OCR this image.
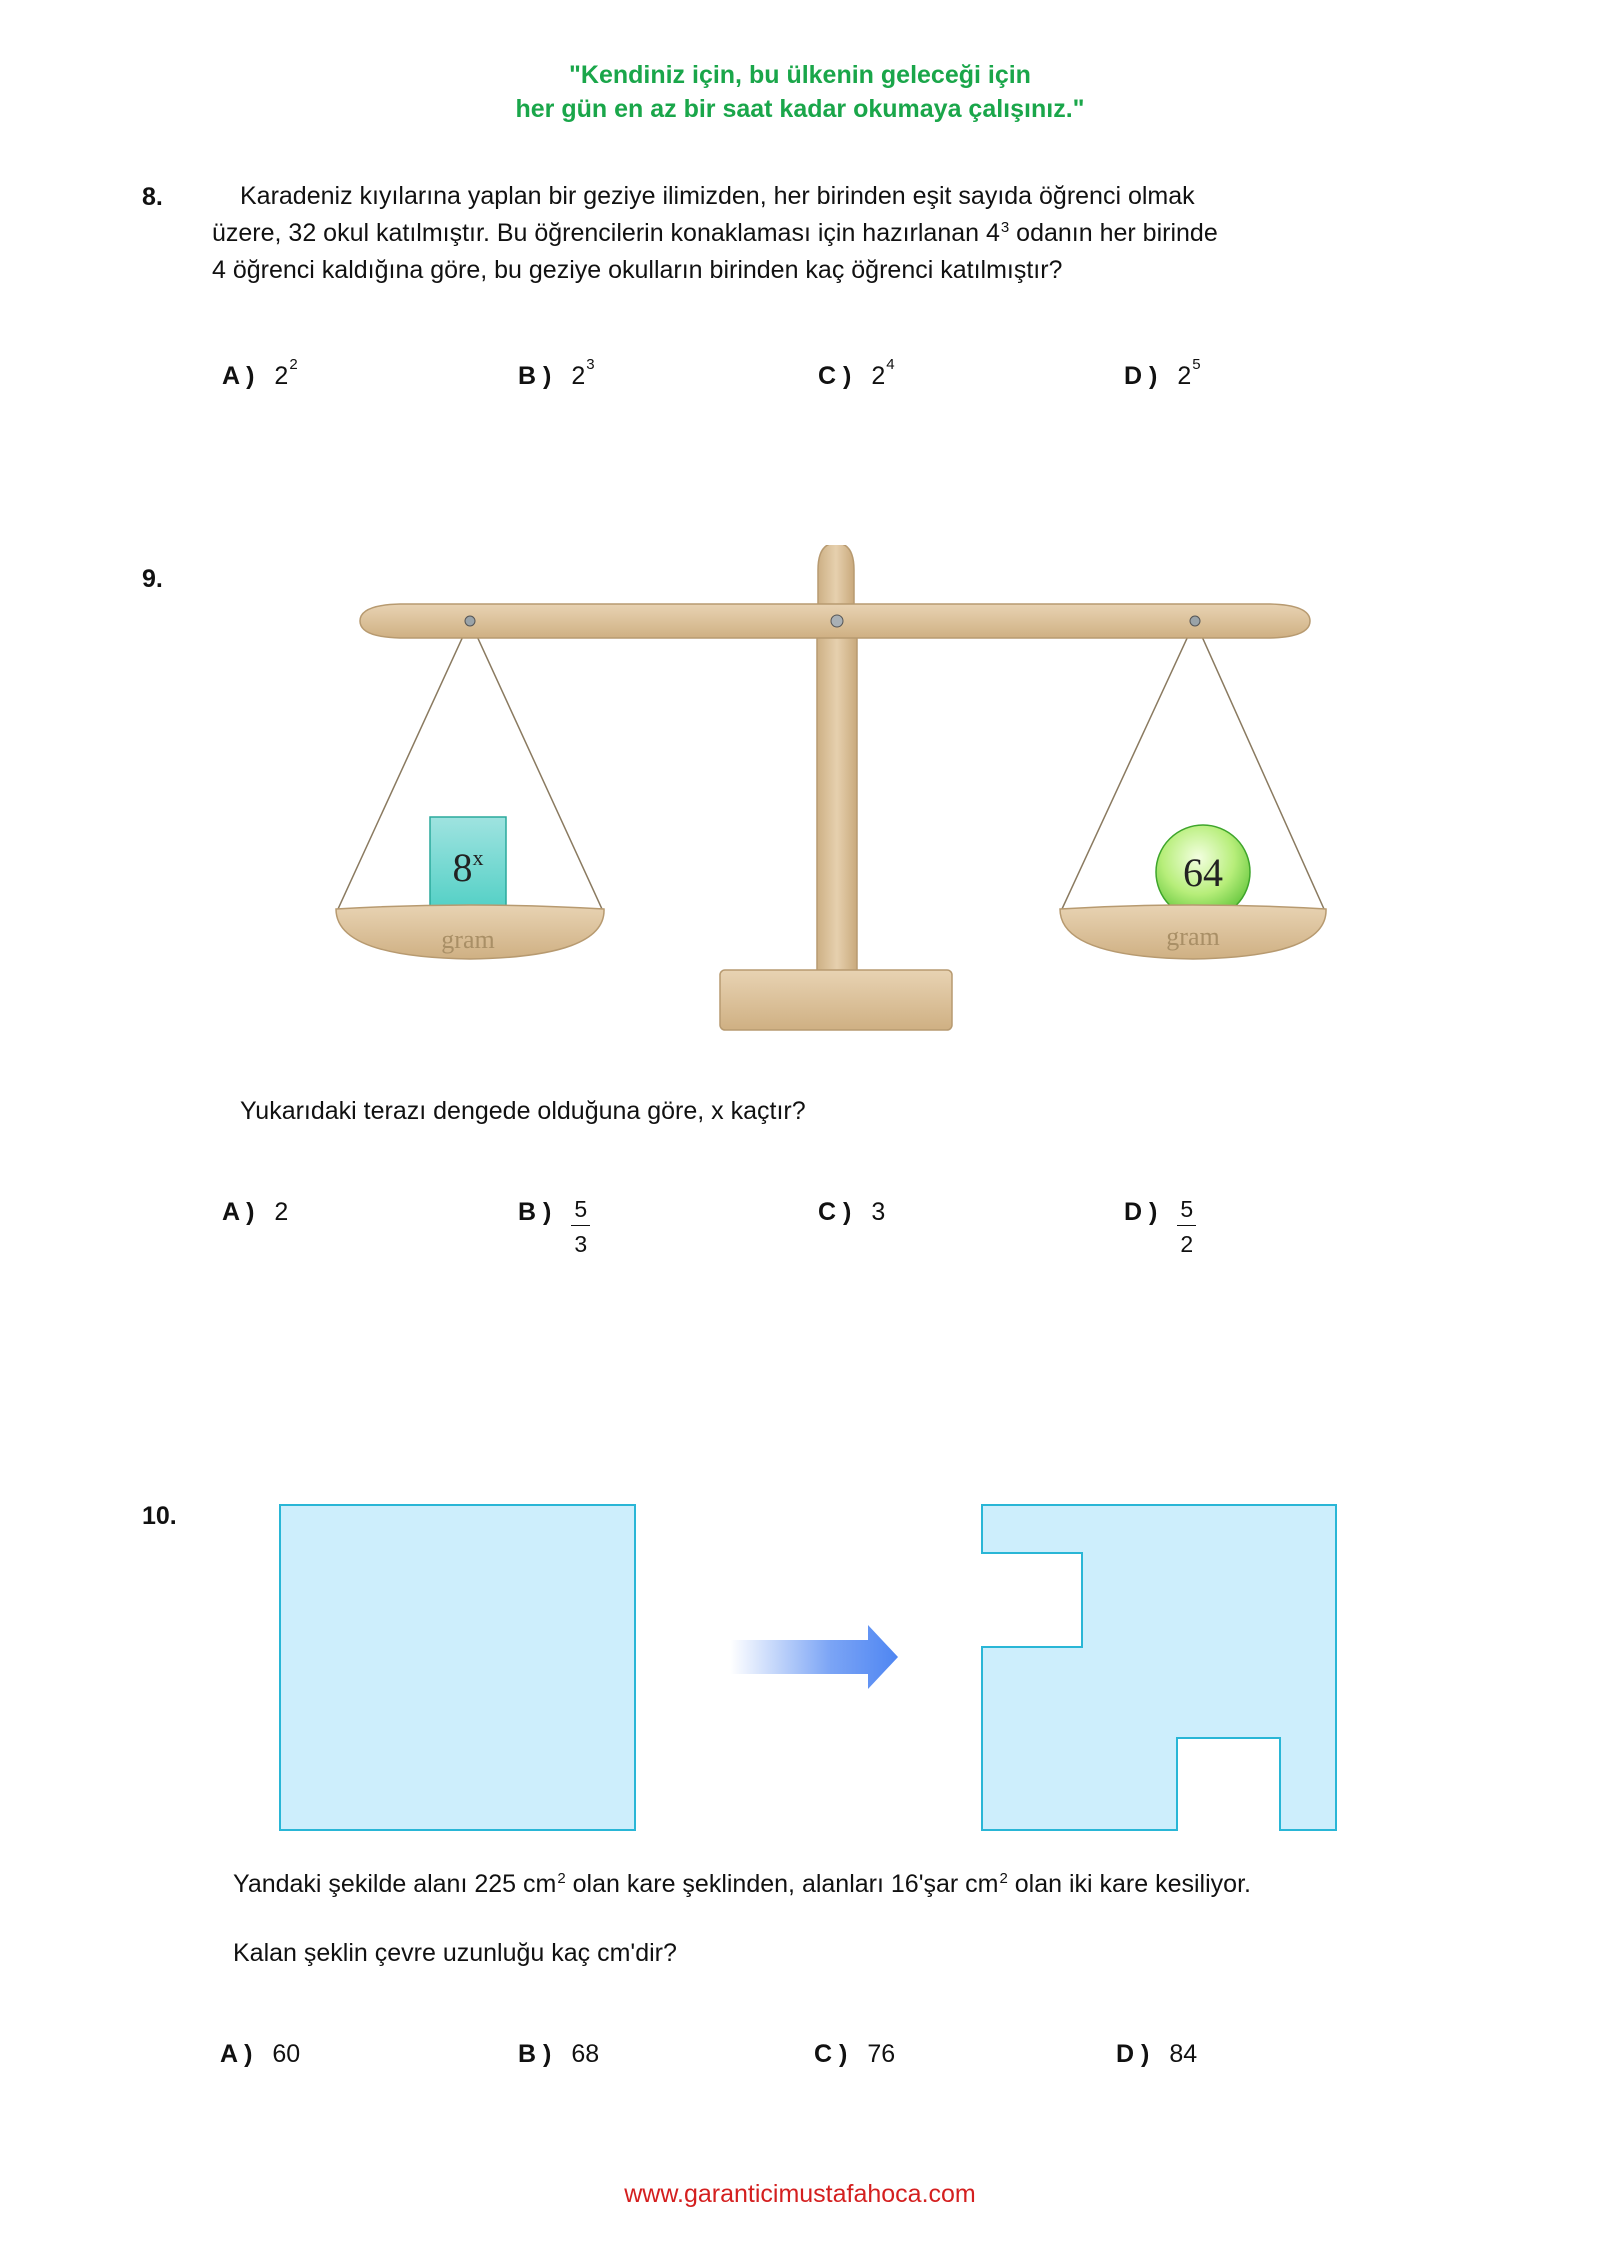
"Kendiniz için, bu ülkenin geleceği için
her gün en az bir saat kadar okumaya çalışınız."
8.	Karadeniz kıyılarına yaplan bir geziye ilimizden, her birinden eşit sayıda öğrenci olmak
üzere, 32 okul katılmıştır. Bu öğrencilerin konaklaması için hazırlanan $4^3$ odanın her birinde
4 öğrenci kaldığına göre, bu geziye okulların birinden kaç öğrenci katılmıştır?
A ) $2^2$	B ) $2^3$	C ) $2^4$	D ) $2^5$
9.
8$^x$
gram
64
gram
Yukarıdaki terazı dengede olduğuna göre, x kaçtır?
A ) 2	B ) $\frac{5}{3}$	C ) 3	D ) $\frac{5}{2}$
10.
Yandaki şekilde alanı 225 $cm^2$ olan kare şeklinden, alanları 16'şar $cm^2$ olan iki kare kesiliyor.
Kalan şeklin çevre uzunluğu kaç cm'dir?
A ) 60	B ) 68	C ) 76	D ) 84
www.garanticimustafahoca.com
